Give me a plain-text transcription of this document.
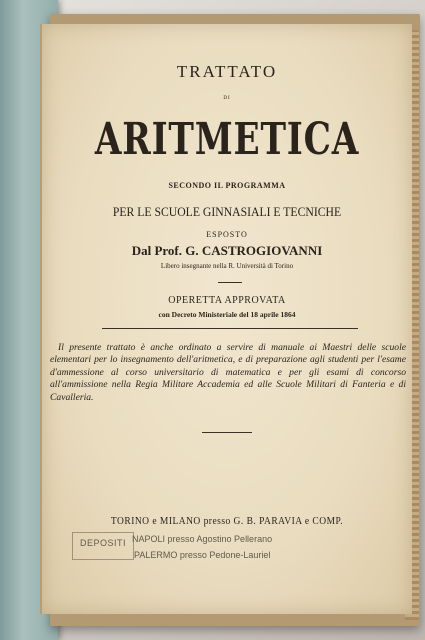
TRATTATO
DI
ARITMETICA
SECONDO IL PROGRAMMA
PER LE SCUOLE GINNASIALI E TECNICHE
ESPOSTO
Dal Prof. G. CASTROGIOVANNI
Libero insegnante nella R. Università di Torino
OPERETTA APPROVATA
con Decreto Ministeriale del 18 aprile 1864
Il presente trattato è anche ordinato a servire di manuale ai Maestri delle scuole elementari per lo insegnamento dell'aritmetica, e di preparazione agli studenti per l'esame d'ammessione al corso universitario di matematica e per gli esami di concorso all'ammissione nella Regia Militare Accademia ed alle Scuole Militari di Fanteria e di Cavalleria.
TORINO e MILANO presso G. B. PARAVIA e COMP.
DEPOSITI NAPOLI presso Agostino Pellerano
PALERMO presso Pedone-Lauriel
